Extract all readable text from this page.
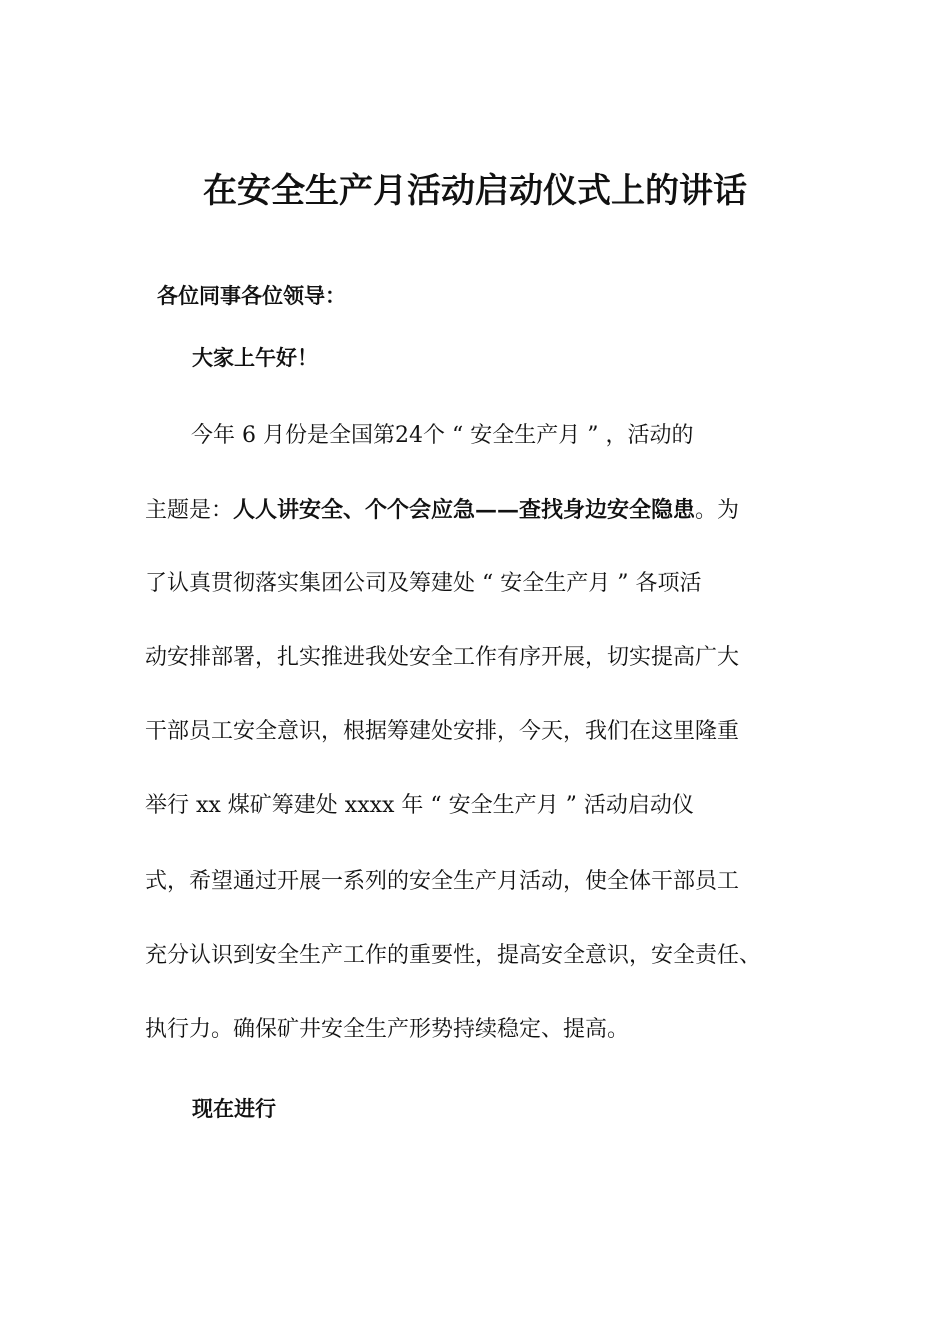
在安全生产月活动启动仪式上的讲话

各位同事各位领导：

大家上午好！

今年 6 月份是全国第24个 “ 安全生产月 ” ，活动的

主题是：人人讲安全、个个会应急——查找身边安全隐患。为

了认真贯彻落实集团公司及筹建处 “ 安全生产月 ” 各项活

动安排部署，扎实推进我处安全工作有序开展，切实提高广大

干部员工安全意识，根据筹建处安排，今天，我们在这里隆重

举行 xx 煤矿筹建处 xxxx 年 “ 安全生产月 ” 活动启动仪

式，希望通过开展一系列的安全生产月活动，使全体干部员工

充分认识到安全生产工作的重要性，提高安全意识，安全责任、

执行力。确保矿井安全生产形势持续稳定、提高。

现在进行
